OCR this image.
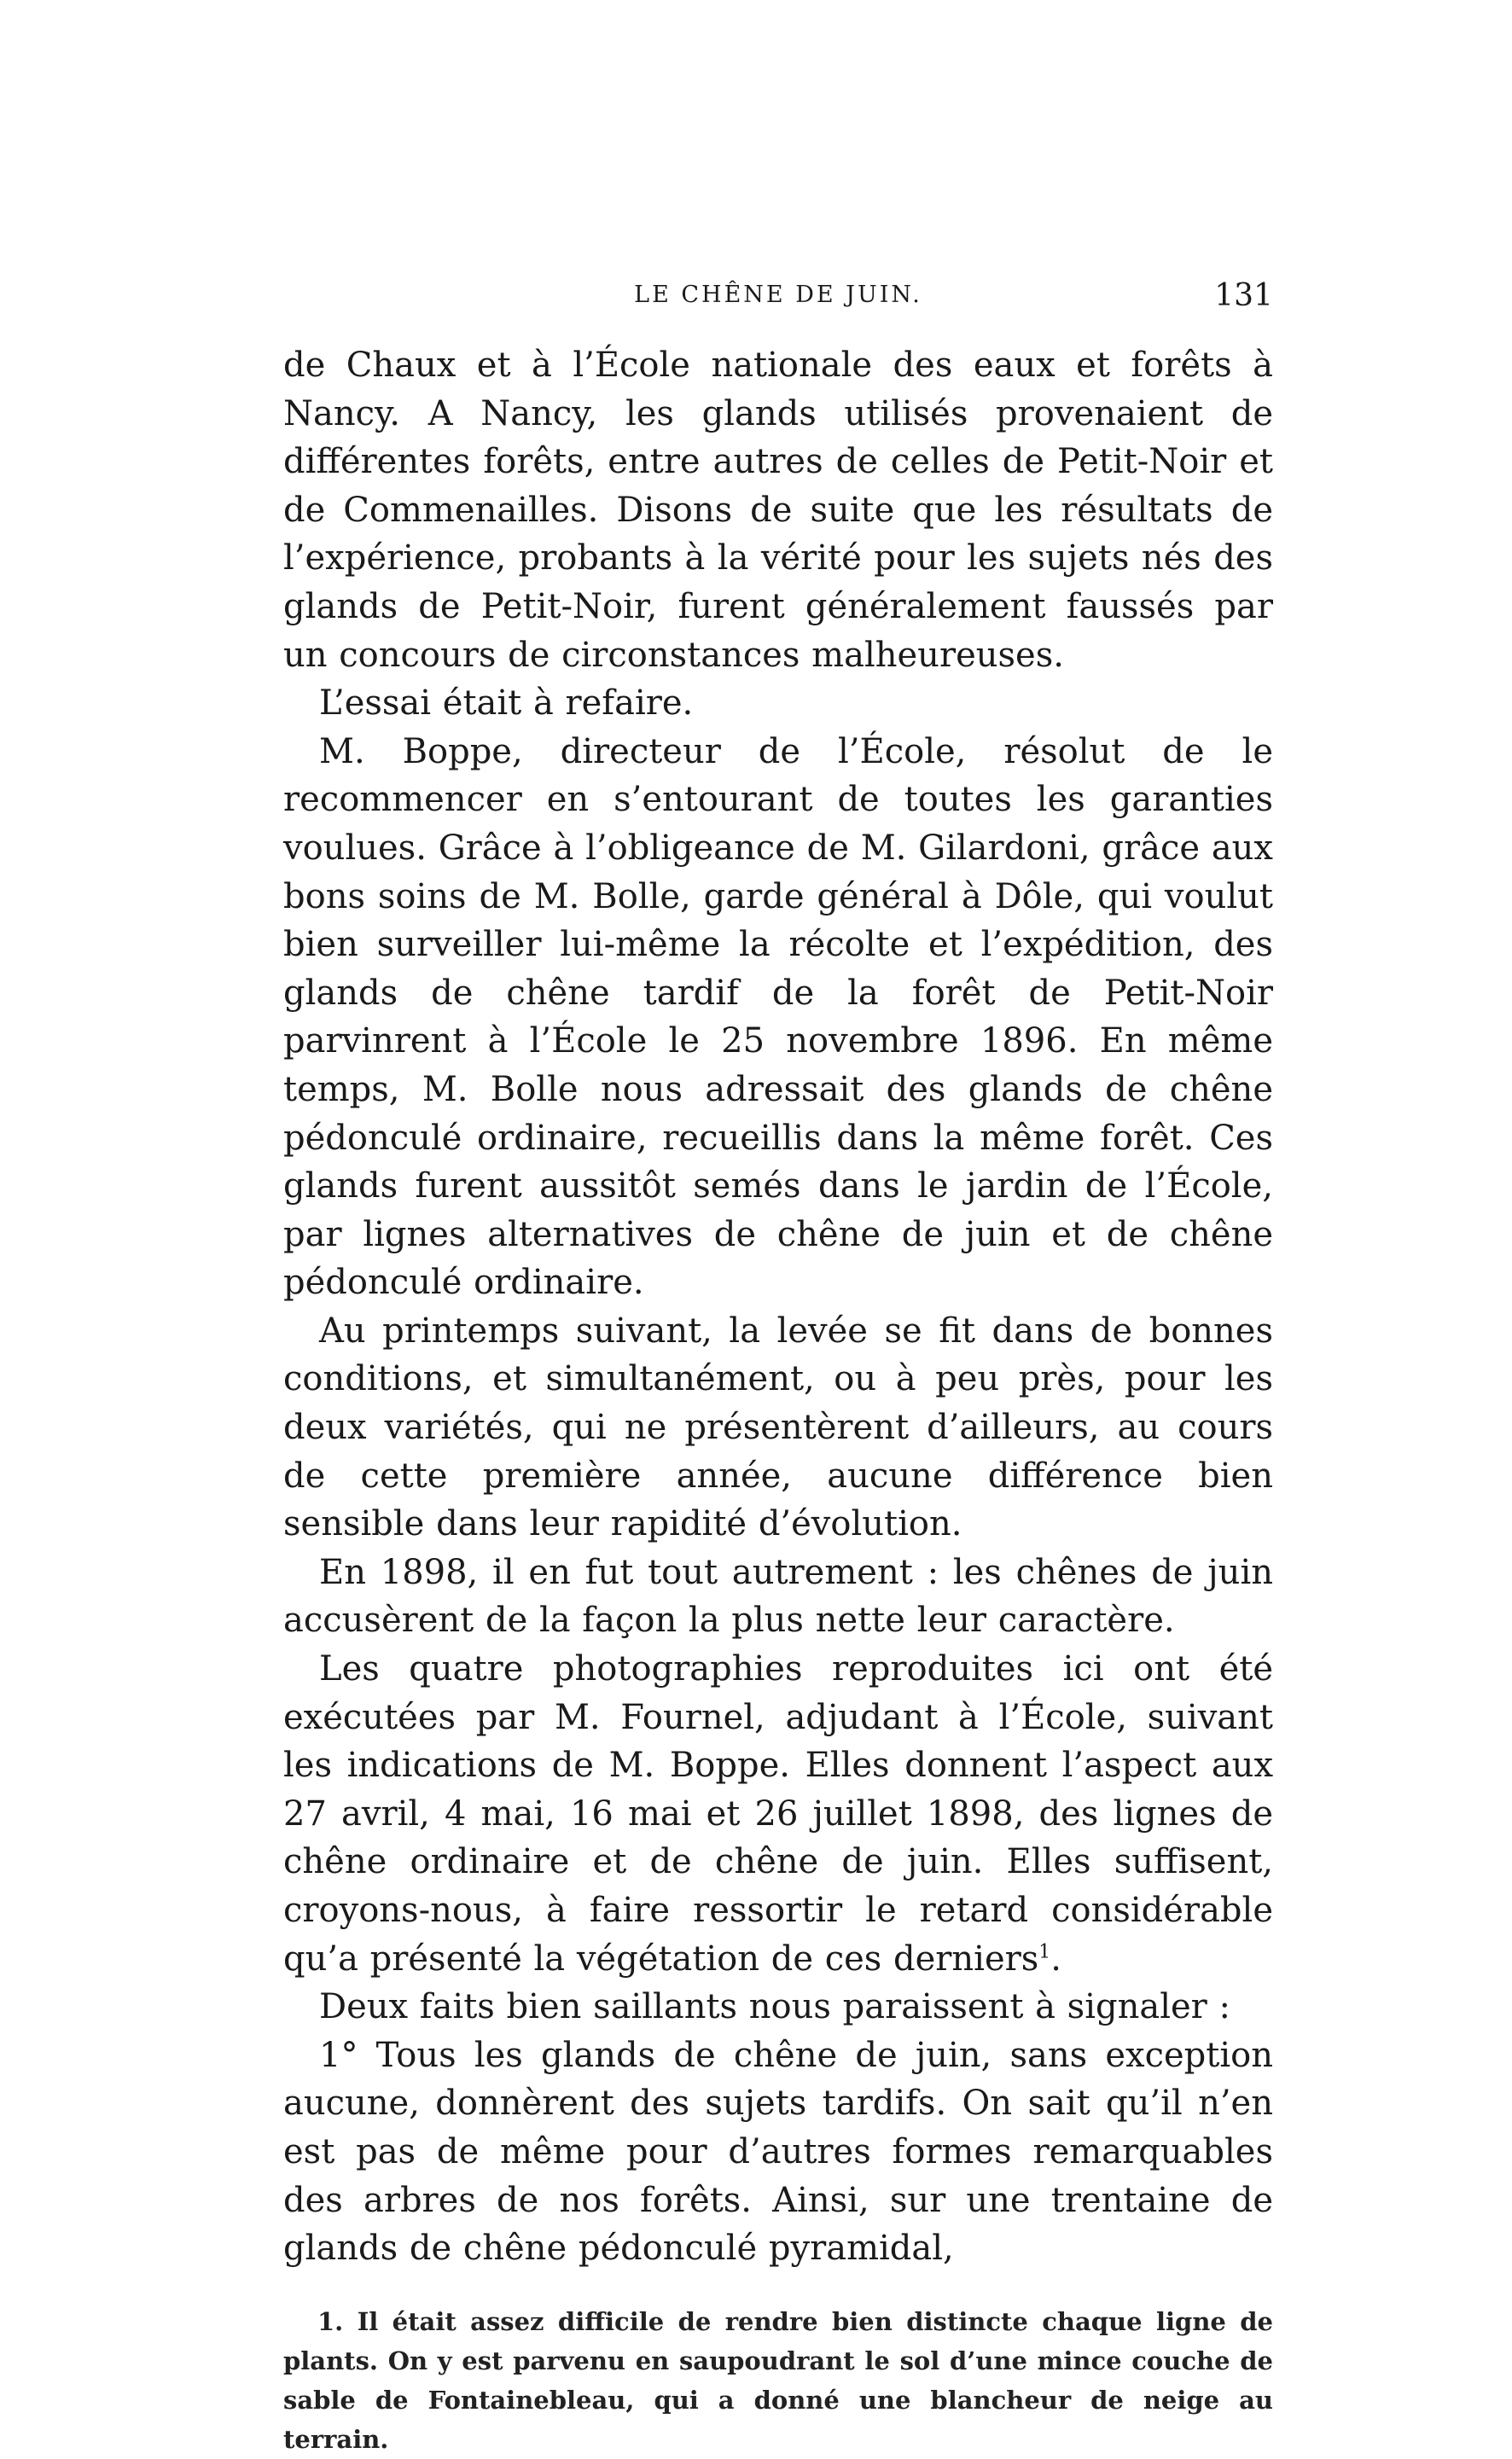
LE CHÊNE DE JUIN.	131

de Chaux et à l’École nationale des eaux et forêts à Nancy. A Nancy, les glands utilisés provenaient de différentes forêts, entre autres de celles de Petit-Noir et de Commenailles. Disons de suite que les résultats de l’expérience, probants à la vérité pour les sujets nés des glands de Petit-Noir, furent généralement faussés par un concours de circonstances malheureuses.

L’essai était à refaire.

M. Boppe, directeur de l’École, résolut de le recommencer en s’entourant de toutes les garanties voulues. Grâce à l’obligeance de M. Gilardoni, grâce aux bons soins de M. Bolle, garde général à Dôle, qui voulut bien surveiller lui-même la récolte et l’expédition, des glands de chêne tardif de la forêt de Petit-Noir parvinrent à l’École le 25 novembre 1896. En même temps, M. Bolle nous adressait des glands de chêne pédonculé ordinaire, recueillis dans la même forêt. Ces glands furent aussitôt semés dans le jardin de l’École, par lignes alternatives de chêne de juin et de chêne pédonculé ordinaire.

Au printemps suivant, la levée se fit dans de bonnes conditions, et simultanément, ou à peu près, pour les deux variétés, qui ne présentèrent d’ailleurs, au cours de cette première année, aucune différence bien sensible dans leur rapidité d’évolution.

En 1898, il en fut tout autrement : les chênes de juin accusèrent de la façon la plus nette leur caractère.

Les quatre photographies reproduites ici ont été exécutées par M. Fournel, adjudant à l’École, suivant les indications de M. Boppe. Elles donnent l’aspect aux 27 avril, 4 mai, 16 mai et 26 juillet 1898, des lignes de chêne ordinaire et de chêne de juin. Elles suffisent, croyons-nous, à faire ressortir le retard considérable qu’a présenté la végétation de ces derniers$^1$.

Deux faits bien saillants nous paraissent à signaler :

1° Tous les glands de chêne de juin, sans exception aucune, donnèrent des sujets tardifs. On sait qu’il n’en est pas de même pour d’autres formes remarquables des arbres de nos forêts. Ainsi, sur une trentaine de glands de chêne pédonculé pyramidal,

1. Il était assez difficile de rendre bien distincte chaque ligne de plants. On y est parvenu en saupoudrant le sol d’une mince couche de sable de Fontainebleau, qui a donné une blancheur de neige au terrain.
